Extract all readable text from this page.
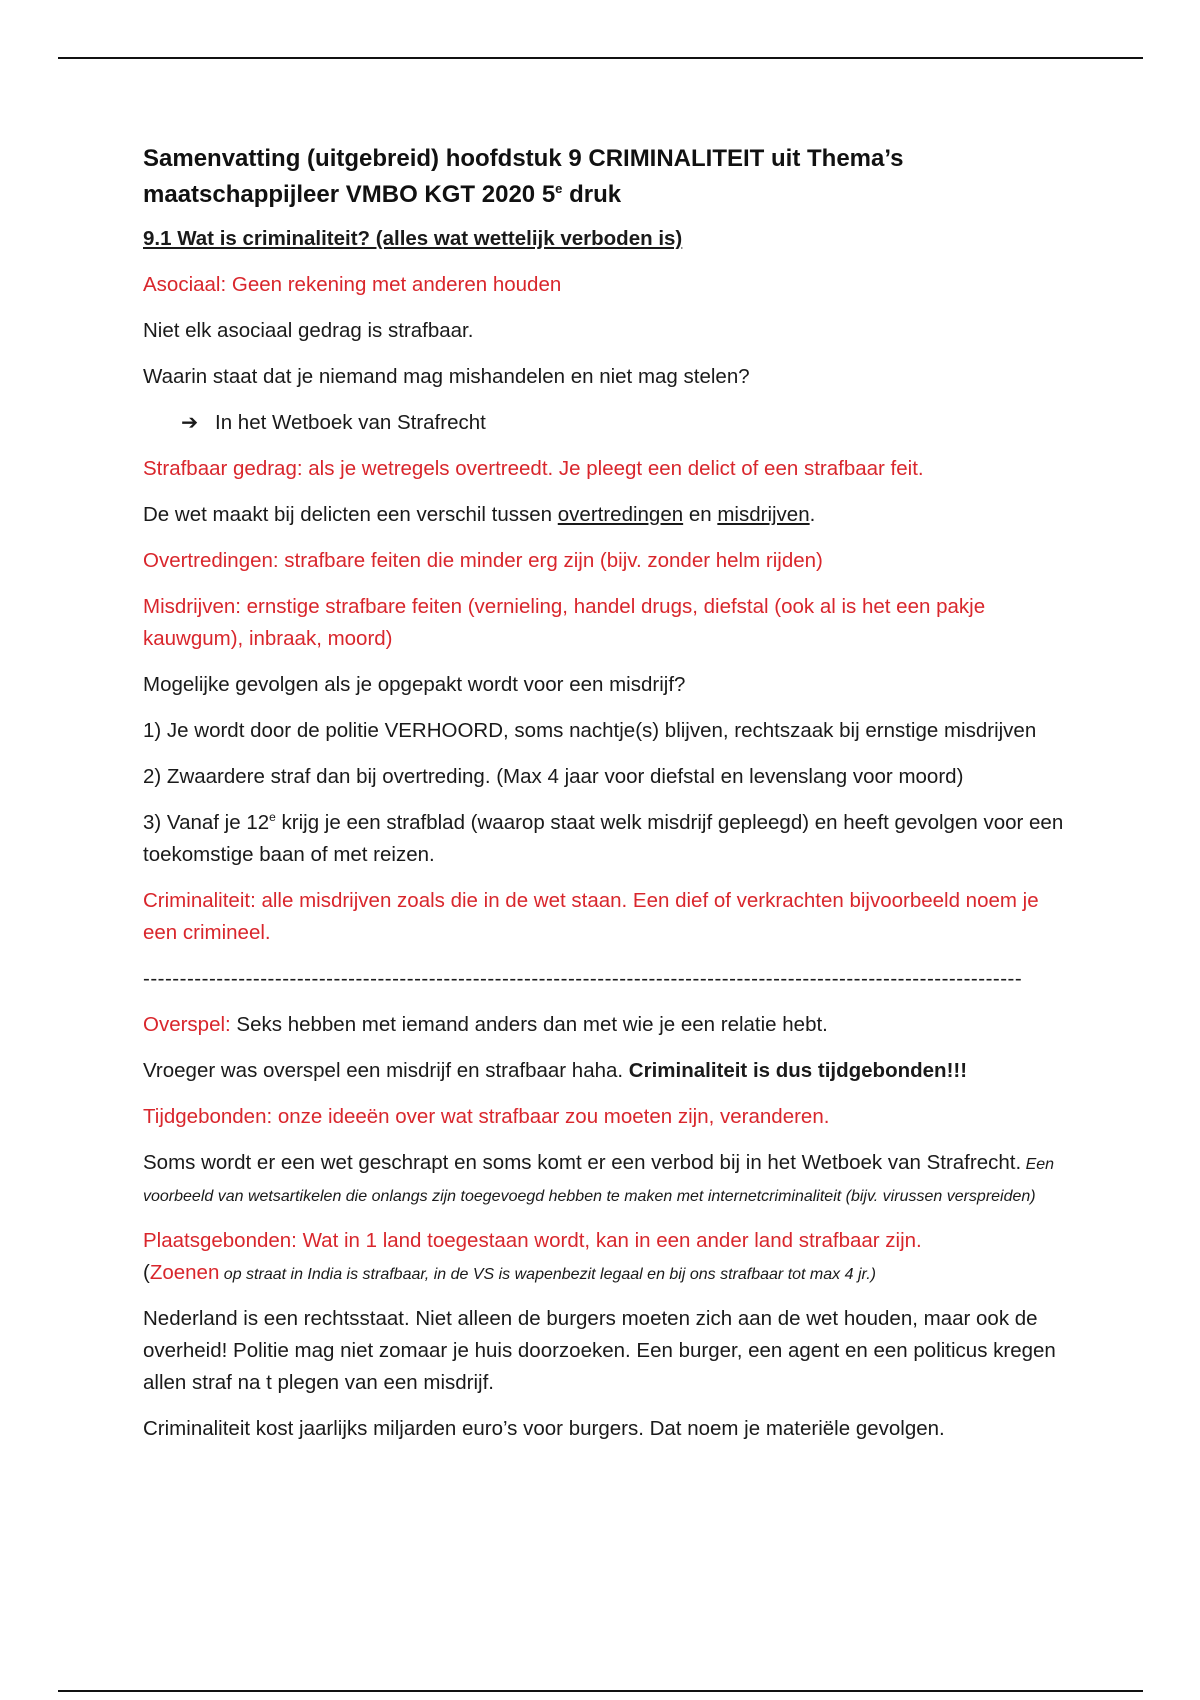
Samenvatting (uitgebreid) hoofdstuk 9 CRIMINALITEIT uit Thema’s
maatschappijleer VMBO KGT 2020 5e druk
9.1 Wat is criminaliteit? (alles wat wettelijk verboden is)

Asociaal: Geen rekening met anderen houden

Niet elk asociaal gedrag is strafbaar.

Waarin staat dat je niemand mag mishandelen en niet mag stelen?

➔ In het Wetboek van Strafrecht

Strafbaar gedrag: als je wetregels overtreedt. Je pleegt een delict of een strafbaar feit.

De wet maakt bij delicten een verschil tussen overtredingen en misdrijven.

Overtredingen: strafbare feiten die minder erg zijn (bijv. zonder helm rijden)

Misdrijven: ernstige strafbare feiten (vernieling, handel drugs, diefstal (ook al is het een pakje kauwgum), inbraak, moord)

Mogelijke gevolgen als je opgepakt wordt voor een misdrijf?

1) Je wordt door de politie VERHOORD, soms nachtje(s) blijven, rechtszaak bij ernstige misdrijven

2) Zwaardere straf dan bij overtreding. (Max 4 jaar voor diefstal en levenslang voor moord)

3) Vanaf je 12e krijg je een strafblad (waarop staat welk misdrijf gepleegd) en heeft gevolgen voor een toekomstige baan of met reizen.

Criminaliteit: alle misdrijven zoals die in de wet staan. Een dief of verkrachten bijvoorbeeld noem je een crimineel.

------------------------------------------------------------------------------------------------------------------------

Overspel: Seks hebben met iemand anders dan met wie je een relatie hebt.

Vroeger was overspel een misdrijf en strafbaar haha. Criminaliteit is dus tijdgebonden!!!

Tijdgebonden: onze ideeën over wat strafbaar zou moeten zijn, veranderen.

Soms wordt er een wet geschrapt en soms komt er een verbod bij in het Wetboek van Strafrecht. Een voorbeeld van wetsartikelen die onlangs zijn toegevoegd hebben te maken met internetcriminaliteit (bijv. virussen verspreiden)

Plaatsgebonden: Wat in 1 land toegestaan wordt, kan in een ander land strafbaar zijn.
(Zoenen op straat in India is strafbaar, in de VS is wapenbezit legaal en bij ons strafbaar tot max 4 jr.)

Nederland is een rechtsstaat. Niet alleen de burgers moeten zich aan de wet houden, maar ook de overheid! Politie mag niet zomaar je huis doorzoeken. Een burger, een agent en een politicus kregen allen straf na t plegen van een misdrijf.

Criminaliteit kost jaarlijks miljarden euro’s voor burgers. Dat noem je materiële gevolgen.
